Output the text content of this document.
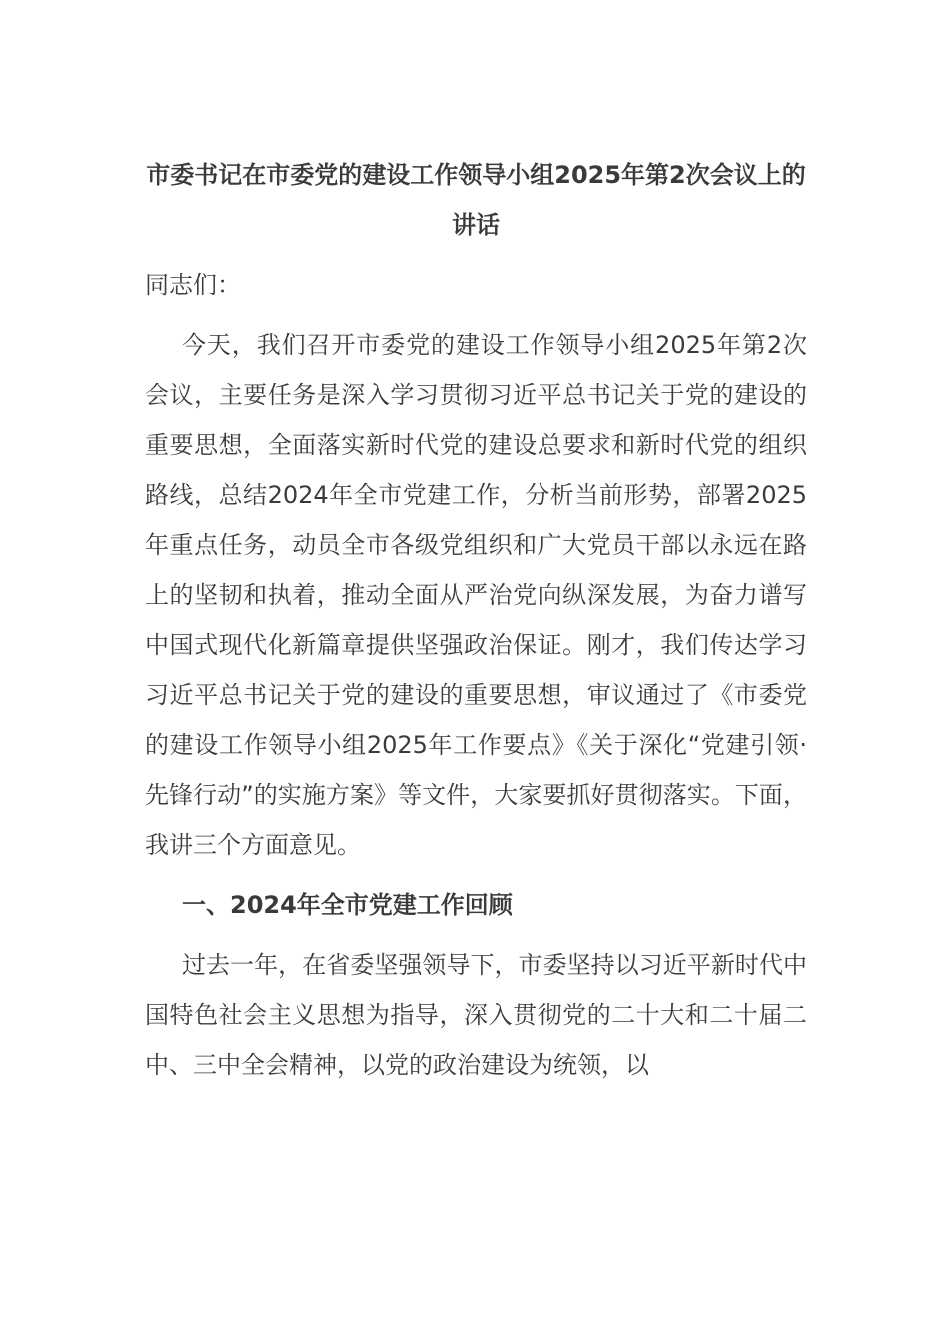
市委书记在市委党的建设工作领导小组2025年第2次会议上的讲话

同志们：

今天，我们召开市委党的建设工作领导小组2025年第2次会议，主要任务是深入学习贯彻习近平总书记关于党的建设的重要思想，全面落实新时代党的建设总要求和新时代党的组织路线，总结2024年全市党建工作，分析当前形势，部署2025年重点任务，动员全市各级党组织和广大党员干部以永远在路上的坚韧和执着，推动全面从严治党向纵深发展，为奋力谱写中国式现代化新篇章提供坚强政治保证。刚才，我们传达学习习近平总书记关于党的建设的重要思想，审议通过了《市委党的建设工作领导小组2025年工作要点》《关于深化“党建引领·先锋行动”的实施方案》等文件，大家要抓好贯彻落实。下面，我讲三个方面意见。

一、2024年全市党建工作回顾

过去一年，在省委坚强领导下，市委坚持以习近平新时代中国特色社会主义思想为指导，深入贯彻党的二十大和二十届二中、三中全会精神，以党的政治建设为统领，以
